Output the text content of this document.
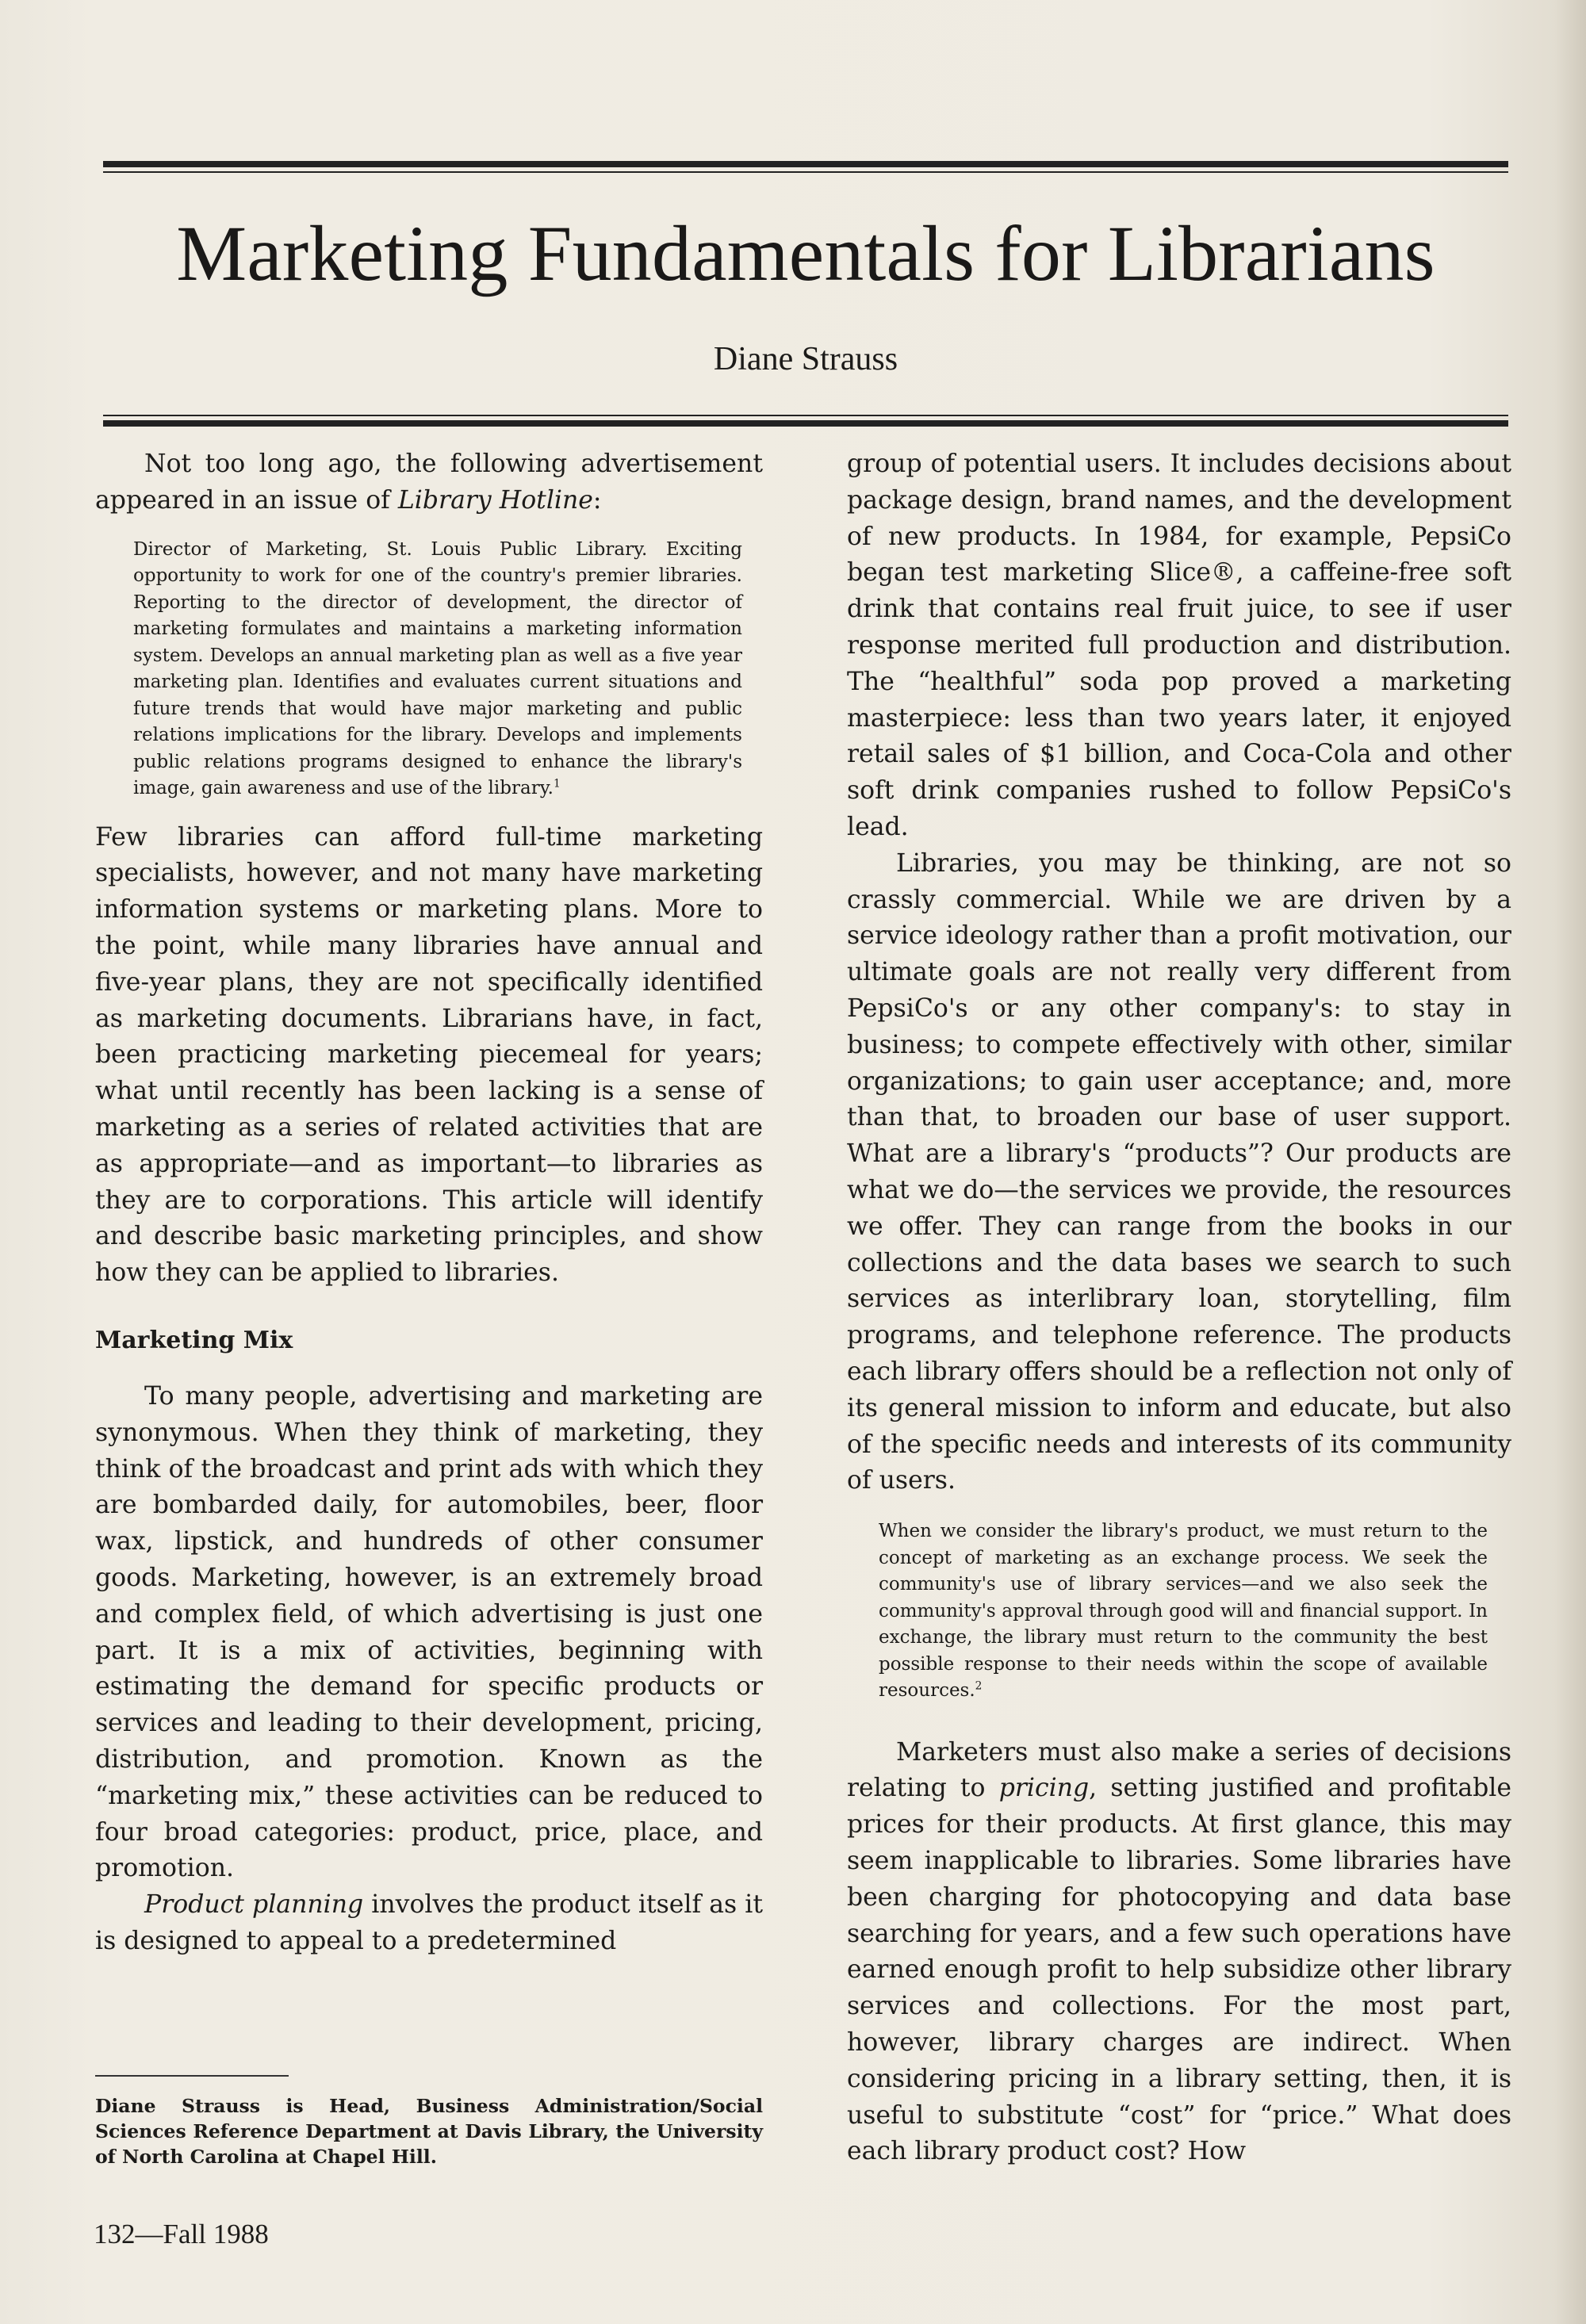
Marketing Fundamentals for Librarians
Diane Strauss

Not too long ago, the following advertisement appeared in an issue of Library Hotline:

Director of Marketing, St. Louis Public Library. Exciting opportunity to work for one of the country's premier libraries. Reporting to the director of development, the director of marketing formulates and maintains a marketing information system. Develops an annual marketing plan as well as a five year marketing plan. Identifies and evaluates current situations and future trends that would have major marketing and public relations implications for the library. Develops and implements public relations programs designed to enhance the library's image, gain awareness and use of the library.$^1$

Few libraries can afford full-time marketing specialists, however, and not many have marketing information systems or marketing plans. More to the point, while many libraries have annual and five-year plans, they are not specifically identified as marketing documents. Librarians have, in fact, been practicing marketing piecemeal for years; what until recently has been lacking is a sense of marketing as a series of related activities that are as appropriate—and as important—to libraries as they are to corporations. This article will identify and describe basic marketing principles, and show how they can be applied to libraries.

Marketing Mix

To many people, advertising and marketing are synonymous. When they think of marketing, they think of the broadcast and print ads with which they are bombarded daily, for automobiles, beer, floor wax, lipstick, and hundreds of other consumer goods. Marketing, however, is an extremely broad and complex field, of which advertising is just one part. It is a mix of activities, beginning with estimating the demand for specific products or services and leading to their development, pricing, distribution, and promotion. Known as the “marketing mix,” these activities can be reduced to four broad categories: product, price, place, and promotion.

Product planning involves the product itself as it is designed to appeal to a predetermined

Diane Strauss is Head, Business Administration/Social Sciences Reference Department at Davis Library, the University of North Carolina at Chapel Hill.

132—Fall 1988

group of potential users. It includes decisions about package design, brand names, and the development of new products. In 1984, for example, PepsiCo began test marketing Slice®, a caffeine-free soft drink that contains real fruit juice, to see if user response merited full production and distribution. The “healthful” soda pop proved a marketing masterpiece: less than two years later, it enjoyed retail sales of $1 billion, and Coca-Cola and other soft drink companies rushed to follow PepsiCo's lead.

Libraries, you may be thinking, are not so crassly commercial. While we are driven by a service ideology rather than a profit motivation, our ultimate goals are not really very different from PepsiCo's or any other company's: to stay in business; to compete effectively with other, similar organizations; to gain user acceptance; and, more than that, to broaden our base of user support. What are a library's “products”? Our products are what we do—the services we provide, the resources we offer. They can range from the books in our collections and the data bases we search to such services as interlibrary loan, storytelling, film programs, and telephone reference. The products each library offers should be a reflection not only of its general mission to inform and educate, but also of the specific needs and interests of its community of users.

When we consider the library's product, we must return to the concept of marketing as an exchange process. We seek the community's use of library services—and we also seek the community's approval through good will and financial support. In exchange, the library must return to the community the best possible response to their needs within the scope of available resources.$^2$

Marketers must also make a series of decisions relating to pricing, setting justified and profitable prices for their products. At first glance, this may seem inapplicable to libraries. Some libraries have been charging for photocopying and data base searching for years, and a few such operations have earned enough profit to help subsidize other library services and collections. For the most part, however, library charges are indirect. When considering pricing in a library setting, then, it is useful to substitute “cost” for “price.” What does each library product cost? How
